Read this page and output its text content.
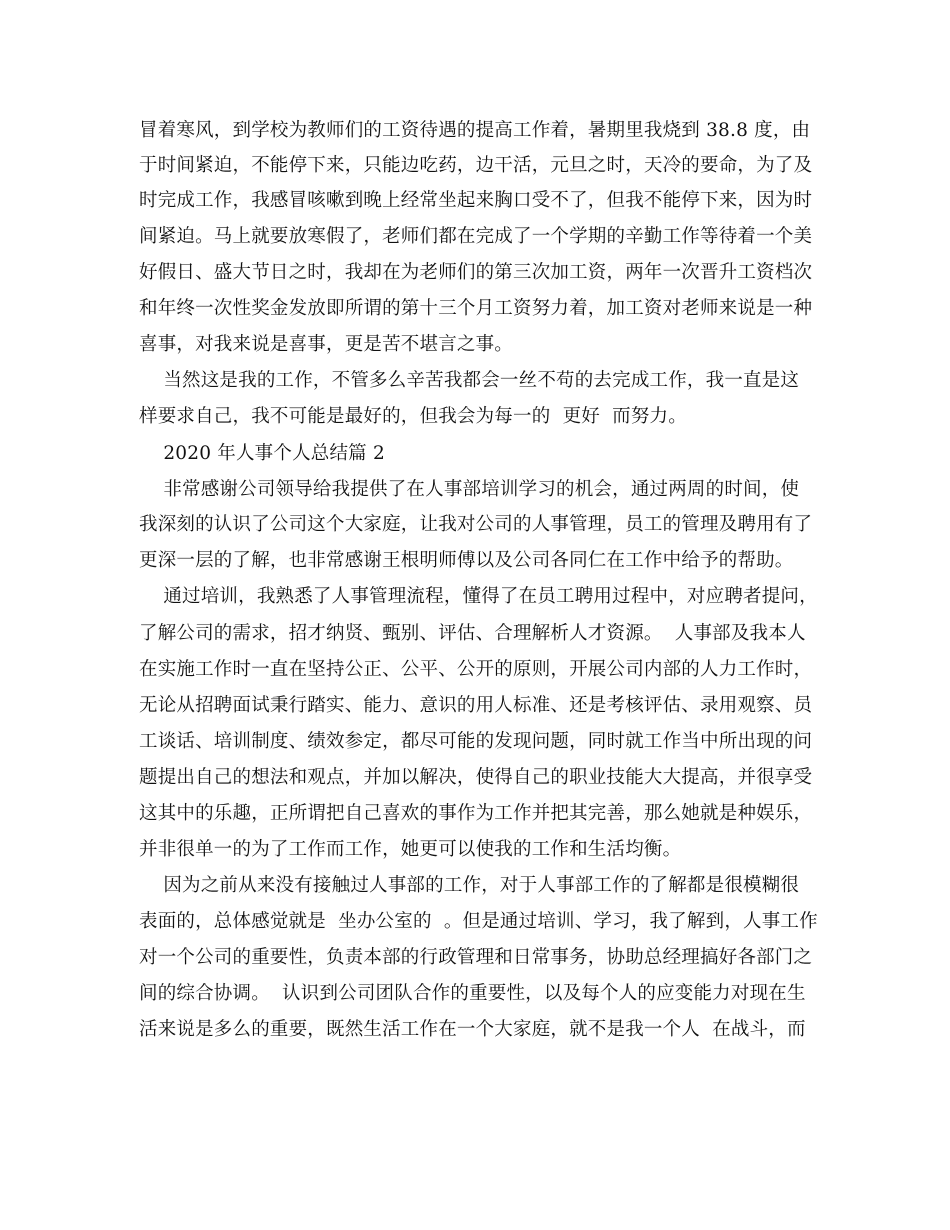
冒着寒风，到学校为教师们的工资待遇的提高工作着，暑期里我烧到 38.8 度，由
于时间紧迫，不能停下来，只能边吃药，边干活，元旦之时，天冷的要命，为了及
时完成工作，我感冒咳嗽到晚上经常坐起来胸口受不了，但我不能停下来，因为时
间紧迫。马上就要放寒假了，老师们都在完成了一个学期的辛勤工作等待着一个美
好假日、盛大节日之时，我却在为老师们的第三次加工资，两年一次晋升工资档次
和年终一次性奖金发放即所谓的第十三个月工资努力着，加工资对老师来说是一种
喜事，对我来说是喜事，更是苦不堪言之事。
当然这是我的工作，不管多么辛苦我都会一丝不苟的去完成工作，我一直是这
样要求自己，我不可能是最好的，但我会为每一的  更好  而努力。
2020 年人事个人总结篇 2
非常感谢公司领导给我提供了在人事部培训学习的机会，通过两周的时间，使
我深刻的认识了公司这个大家庭，让我对公司的人事管理，员工的管理及聘用有了
更深一层的了解，也非常感谢王根明师傅以及公司各同仁在工作中给予的帮助。
通过培训，我熟悉了人事管理流程，懂得了在员工聘用过程中，对应聘者提问，
了解公司的需求，招才纳贤、甄别、评估、合理解析人才资源。  人事部及我本人
在实施工作时一直在坚持公正、公平、公开的原则，开展公司内部的人力工作时，
无论从招聘面试秉行踏实、能力、意识的用人标准、还是考核评估、录用观察、员
工谈话、培训制度、绩效参定，都尽可能的发现问题，同时就工作当中所出现的问
题提出自己的想法和观点，并加以解决，使得自己的职业技能大大提高，并很享受
这其中的乐趣，正所谓把自己喜欢的事作为工作并把其完善，那么她就是种娱乐，
并非很单一的为了工作而工作，她更可以使我的工作和生活均衡。
因为之前从来没有接触过人事部的工作，对于人事部工作的了解都是很模糊很
表面的，总体感觉就是  坐办公室的  。但是通过培训、学习，我了解到，人事工作
对一个公司的重要性，负责本部的行政管理和日常事务，协助总经理搞好各部门之
间的综合协调。  认识到公司团队合作的重要性，以及每个人的应变能力对现在生
活来说是多么的重要，既然生活工作在一个大家庭，就不是我一个人  在战斗，而
